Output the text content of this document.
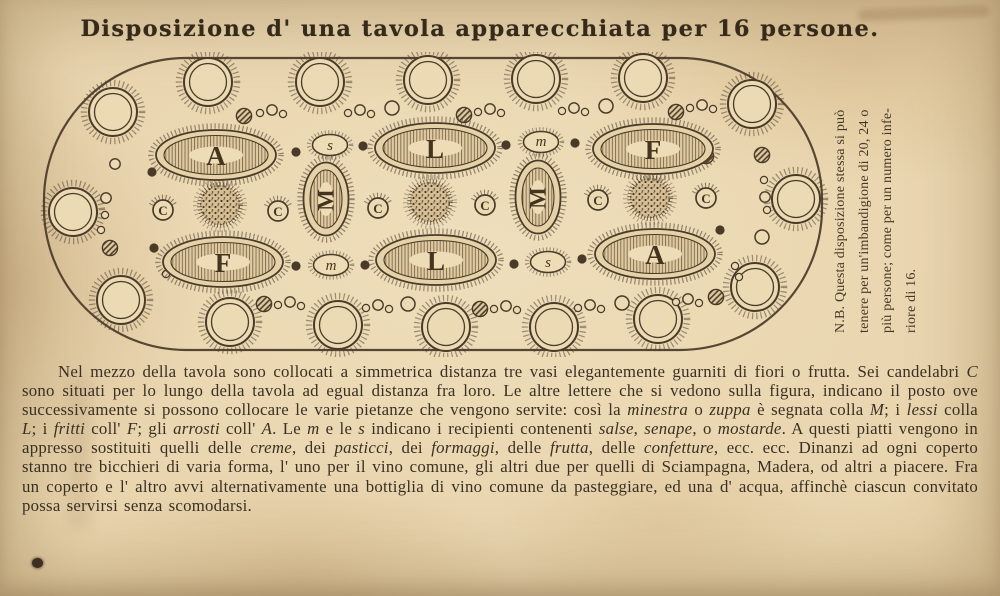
Disposizione d' una tavola apparecchiata per 16 persone.
A	s	L	m	F
F	m	L	s	A
C	C	C	C	C	C
M	M	N.B. Questa disposizione stessa si può tenere per un'imbandigione di 20, 24 o più persone; come per un numero infe- riore di 16.
Nel mezzo della tavola sono collocati a simmetrica distanza tre vasi elegantemente guarniti di fiori o frutta. Sei candelabri C sono situati per lo lungo della tavola ad egual distanza fra loro. Le altre lettere che si vedono sulla figura, indicano il posto ove successivamente si possono collocare le varie pietanze che vengono servite: così la minestra o zuppa è segnata colla M; i lessi colla L; i fritti coll' F; gli arrosti coll' A. Le m e le s indicano i recipienti contenenti salse, senape, o mostarde. A questi piatti vengono in appresso sostituiti quelli delle creme, dei pasticci, dei formaggi, delle frutta, delle confetture, ecc. ecc. Dinanzi ad ogni coperto stanno tre bicchieri di varia forma, l' uno per il vino comune, gli altri due per quelli di Sciampagna, Madera, od altri a piacere. Fra un coperto e l' altro avvi alternativamente una bottiglia di vino comune da pasteggiare, ed una d' acqua, affinchè ciascun convitato possa servirsi senza scomodarsi.
